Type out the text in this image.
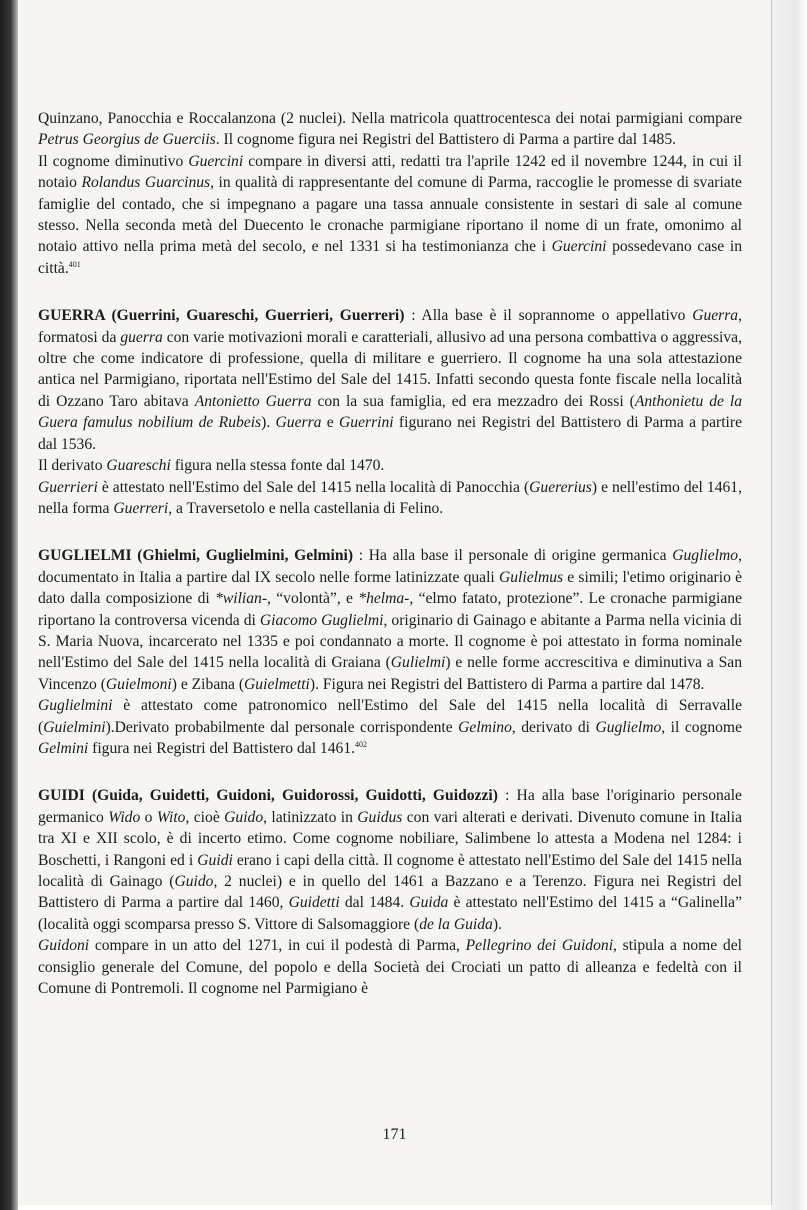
Quinzano, Panocchia e Roccalanzona (2 nuclei). Nella matricola quattrocentesca dei notai parmigiani compare Petrus Georgius de Guerciis. Il cognome figura nei Registri del Battistero di Parma a partire dal 1485.

Il cognome diminutivo Guercini compare in diversi atti, redatti tra l'aprile 1242 ed il novembre 1244, in cui il notaio Rolandus Guarcinus, in qualità di rappresentante del comune di Parma, raccoglie le promesse di svariate famiglie del contado, che si impegnano a pagare una tassa annuale consistente in sestari di sale al comune stesso. Nella seconda metà del Duecento le cronache parmigiane riportano il nome di un frate, omonimo al notaio attivo nella prima metà del secolo, e nel 1331 si ha testimonianza che i Guercini possedevano case in città.$^{401}$

GUERRA (Guerrini, Guareschi, Guerrieri, Guerreri) : Alla base è il soprannome o appellativo Guerra, formatosi da guerra con varie motivazioni morali e caratteriali, allusivo ad una persona combattiva o aggressiva, oltre che come indicatore di professione, quella di militare e guerriero. Il cognome ha una sola attestazione antica nel Parmigiano, riportata nell'Estimo del Sale del 1415. Infatti secondo questa fonte fiscale nella località di Ozzano Taro abitava Antonietto Guerra con la sua famiglia, ed era mezzadro dei Rossi (Anthonietu de la Guera famulus nobilium de Rubeis). Guerra e Guerrini figurano nei Registri del Battistero di Parma a partire dal 1536.

Il derivato Guareschi figura nella stessa fonte dal 1470.

Guerrieri è attestato nell'Estimo del Sale del 1415 nella località di Panocchia (Guererius) e nell'estimo del 1461, nella forma Guerreri, a Traversetolo e nella castellania di Felino.

GUGLIELMI (Ghielmi, Guglielmini, Gelmini) : Ha alla base il personale di origine germanica Guglielmo, documentato in Italia a partire dal IX secolo nelle forme latinizzate quali Gulielmus e simili; l'etimo originario è dato dalla composizione di *wilian-, “volontà”, e *helma-, “elmo fatato, protezione”. Le cronache parmigiane riportano la controversa vicenda di Giacomo Guglielmi, originario di Gainago e abitante a Parma nella vicinia di S. Maria Nuova, incarcerato nel 1335 e poi condannato a morte. Il cognome è poi attestato in forma nominale nell'Estimo del Sale del 1415 nella località di Graiana (Gulielmi) e nelle forme accrescitiva e diminutiva a San Vincenzo (Guielmoni) e Zibana (Guielmetti). Figura nei Registri del Battistero di Parma a partire dal 1478.

Guglielmini è attestato come patronomico nell'Estimo del Sale del 1415 nella località di Serravalle (Guielmini).Derivato probabilmente dal personale corrispondente Gelmino, derivato di Guglielmo, il cognome Gelmini figura nei Registri del Battistero dal 1461.$^{402}$

GUIDI (Guida, Guidetti, Guidoni, Guidorossi, Guidotti, Guidozzi) : Ha alla base l'originario personale germanico Wido o Wito, cioè Guido, latinizzato in Guidus con vari alterati e derivati. Divenuto comune in Italia tra XI e XII scolo, è di incerto etimo. Come cognome nobiliare, Salimbene lo attesta a Modena nel 1284: i Boschetti, i Rangoni ed i Guidi erano i capi della città. Il cognome è attestato nell'Estimo del Sale del 1415 nella località di Gainago (Guido, 2 nuclei) e in quello del 1461 a Bazzano e a Terenzo. Figura nei Registri del Battistero di Parma a partire dal 1460, Guidetti dal 1484. Guida è attestato nell'Estimo del 1415 a “Galinella” (località oggi scomparsa presso S. Vittore di Salsomaggiore (de la Guida).

Guidoni compare in un atto del 1271, in cui il podestà di Parma, Pellegrino dei Guidoni, stipula a nome del consiglio generale del Comune, del popolo e della Società dei Crociati un patto di alleanza e fedeltà con il Comune di Pontremoli. Il cognome nel Parmigiano è

171
